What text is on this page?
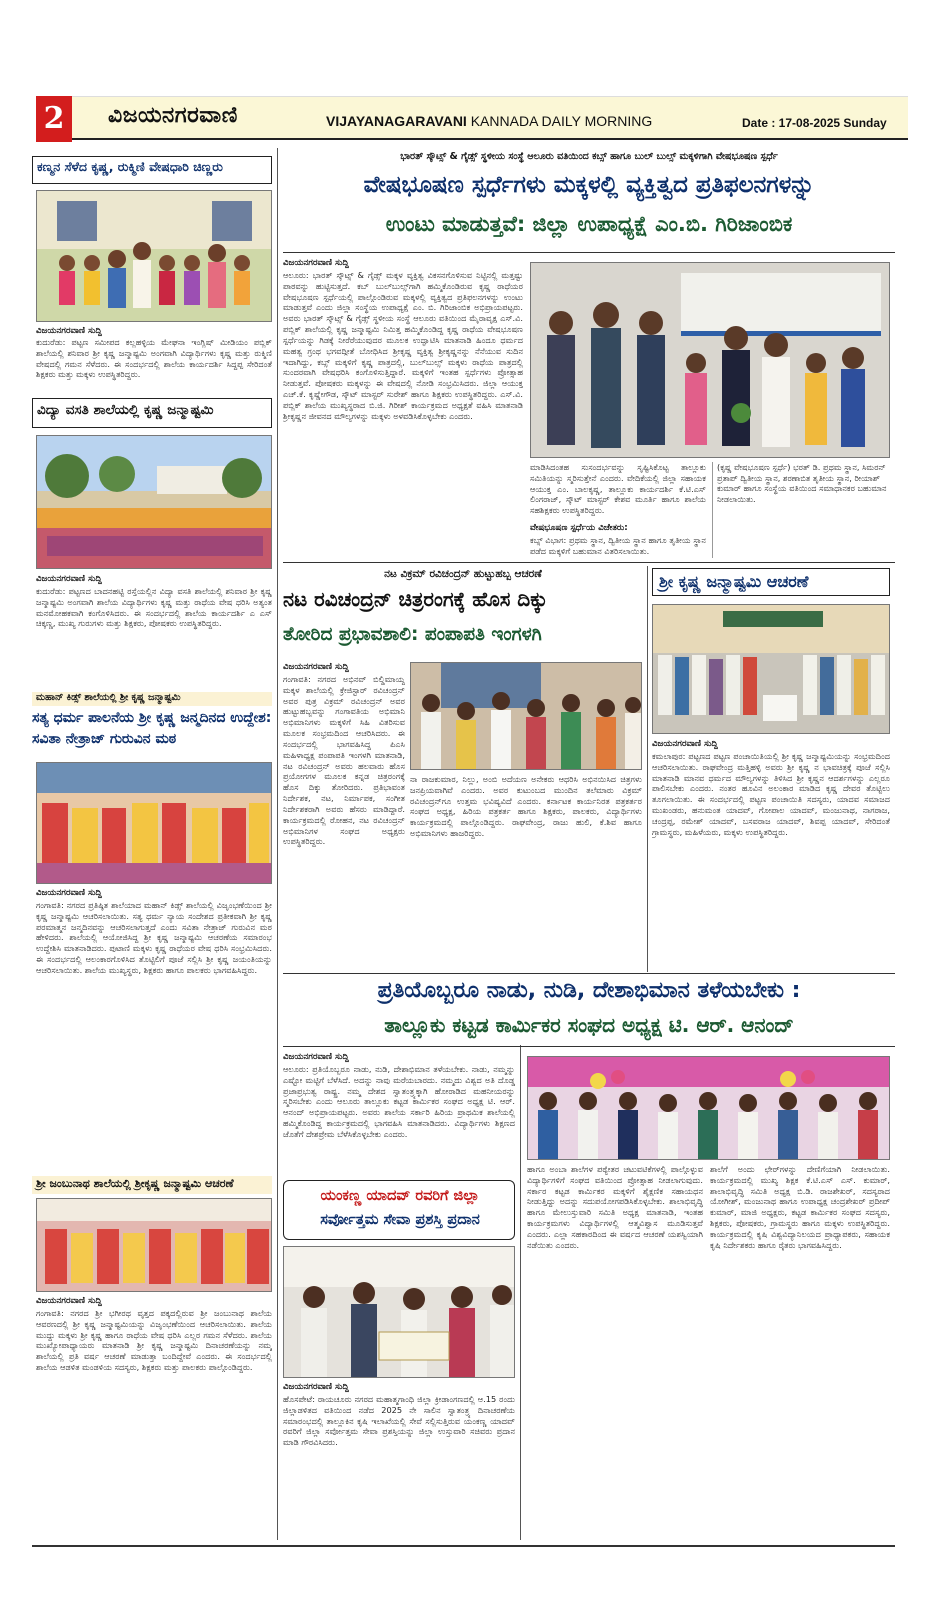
2	ವಿಜಯನಗರವಾಣಿ	VIJAYANAGARAVANI KANNADA DAILY MORNING	Date : 17-08-2025 Sunday
ಕಣ್ಮನ ಸೆಳೆದ ಕೃಷ್ಣ, ರುಕ್ಮಿಣಿ ವೇಷಧಾರಿ ಚಿಣ್ಣರು
ವಿಜಯನಗರವಾಣಿ ಸುದ್ದಿ
ಕುದುರೆಡು: ಪಟ್ಟಣ ಸಮೀಪದ ಕಲ್ಲಹಳ್ಳಿಯ ಮೇಘನಾ ಇಂಗ್ಲಿಷ್ ಮೀಡಿಯಂ ಪಬ್ಲಿಕ್ ಶಾಲೆಯಲ್ಲಿ ಶನಿವಾರ ಶ್ರೀ ಕೃಷ್ಣ ಜನ್ಮಾಷ್ಟಮಿ ಅಂಗವಾಗಿ ವಿದ್ಯಾರ್ಥಿಗಳು ಕೃಷ್ಣ ಮತ್ತು ರುಕ್ಮಿಣಿ ವೇಷದಲ್ಲಿ ಗಮನ ಸೆಳೆದರು. ಈ ಸಂದರ್ಭದಲ್ಲಿ ಶಾಲೆಯ ಕಾರ್ಯದರ್ಶಿ ಸಿದ್ದಪ್ಪ ಸೇರಿದಂತೆ ಶಿಕ್ಷಕರು ಮತ್ತು ಮಕ್ಕಳು ಉಪಸ್ಥಿತರಿದ್ದರು.
ವಿದ್ಯಾ ವಸತಿ ಶಾಲೆಯಲ್ಲಿ ಕೃಷ್ಣ ಜನ್ಮಾಷ್ಟಮಿ
ವಿಜಯನಗರವಾಣಿ ಸುದ್ದಿ
ಕುದುರೆಡು: ಪಟ್ಟಣದ ಬಾದನಹಟ್ಟಿ ರಸ್ತೆಯಲ್ಲಿನ ವಿದ್ಯಾ ವಸತಿ ಶಾಲೆಯಲ್ಲಿ ಶನಿವಾರ ಶ್ರೀ ಕೃಷ್ಣ ಜನ್ಮಾಷ್ಟಮಿ ಅಂಗವಾಗಿ ಶಾಲೆಯ ವಿದ್ಯಾರ್ಥಿಗಳು ಕೃಷ್ಣ ಮತ್ತು ರಾಧೆಯ ವೇಷ ಧರಿಸಿ ಅತ್ಯಂತ ಮನಮೋಹಕವಾಗಿ ಕಂಗೊಳಿಸಿದರು. ಈ ಸಂದರ್ಭದಲ್ಲಿ ಶಾಲೆಯ ಕಾರ್ಯದರ್ಶಿ ಎ ಎಸ್ ಚಿಕ್ಕಣ್ಣ, ಮುಖ್ಯ ಗುರುಗಳು ಮತ್ತು ಶಿಕ್ಷಕರು, ಪೋಷಕರು ಉಪಸ್ಥಿತರಿದ್ದರು.
ಮಹಾನ್ ಕಿಡ್ಸ್ ಶಾಲೆಯಲ್ಲಿ ಶ್ರೀ ಕೃಷ್ಣ ಜನ್ಮಾಷ್ಟಮಿ
ಸತ್ಯ ಧರ್ಮ ಪಾಲನೆಯ ಶ್ರೀ ಕೃಷ್ಣ ಜನ್ಮದಿನದ ಉದ್ದೇಶ: ಸವಿತಾ ನೇತ್ರಾಜ್ ಗುರುವಿನ ಮಠ
ವಿಜಯನಗರವಾಣಿ ಸುದ್ದಿ
ಗಂಗಾವತಿ: ನಗರದ ಪ್ರತಿಷ್ಠಿತ ಶಾಲೆಯಾದ ಮಹಾನ್ ಕಿಡ್ಸ್ ಶಾಲೆಯಲ್ಲಿ ವಿಜೃಂಭಣೆಯಿಂದ ಶ್ರೀ ಕೃಷ್ಣ ಜನ್ಮಾಷ್ಟಮಿ ಆಚರಿಸಲಾಯಿತು. ಸತ್ಯ ಧರ್ಮ ನ್ಯಾಯ ಸಂದೇಶದ ಪ್ರತೀಕವಾಗಿ ಶ್ರೀ ಕೃಷ್ಣ ಪರಮಾತ್ಮನ ಜನ್ಮದಿನವನ್ನು ಆಚರಿಸಲಾಗುತ್ತದೆ ಎಂದು ಸವಿತಾ ನೇತ್ರಾಜ್ ಗುರುವಿನ ಮಠ ಹೇಳಿದರು. ಶಾಲೆಯಲ್ಲಿ ಆಯೋಜಿಸಿದ್ದ ಶ್ರೀ ಕೃಷ್ಣ ಜನ್ಮಾಷ್ಟಮಿ ಆಚರಣೆಯ ಸಮಾರಂಭ ಉದ್ದೇಶಿಸಿ ಮಾತನಾಡಿದರು. ಪುಟಾಣಿ ಮಕ್ಕಳು ಕೃಷ್ಣ ರಾಧೆಯರ ವೇಷ ಧರಿಸಿ ಸಂಭ್ರಮಿಸಿದರು. ಈ ಸಂದರ್ಭದಲ್ಲಿ ಆಲಂಕಾರಗೊಳಿಸಿದ ತೊಟ್ಟಿಲಿಗೆ ಪೂಜೆ ಸಲ್ಲಿಸಿ ಶ್ರೀ ಕೃಷ್ಣ ಜಯಂತಿಯನ್ನು ಆಚರಿಸಲಾಯಿತು. ಶಾಲೆಯ ಮುಖ್ಯಸ್ಥರು, ಶಿಕ್ಷಕರು ಹಾಗೂ ಪಾಲಕರು ಭಾಗವಹಿಸಿದ್ದರು.
ಶ್ರೀ ಜಂಬುನಾಥ ಶಾಲೆಯಲ್ಲಿ ಶ್ರೀಕೃಷ್ಣ ಜನ್ಮಾಷ್ಟಮಿ ಆಚರಣೆ
ವಿಜಯನಗರವಾಣಿ ಸುದ್ದಿ
ಗಂಗಾವತಿ: ನಗರದ ಶ್ರೀ ಭಗೀರಥ ವೃತ್ತದ ಪಕ್ಕದಲ್ಲಿರುವ ಶ್ರೀ ಜಂಬುನಾಥ ಶಾಲೆಯ ಆವರಣದಲ್ಲಿ ಶ್ರೀ ಕೃಷ್ಣ ಜನ್ಮಾಷ್ಟಮಿಯನ್ನು ವಿಜೃಂಭಣೆಯಿಂದ ಆಚರಿಸಲಾಯಿತು. ಶಾಲೆಯ ಮುದ್ದು ಮಕ್ಕಳು ಶ್ರೀ ಕೃಷ್ಣ ಹಾಗೂ ರಾಧೆಯ ವೇಷ ಧರಿಸಿ ಎಲ್ಲರ ಗಮನ ಸೆಳೆದರು. ಶಾಲೆಯ ಮುಖ್ಯೋಪಾಧ್ಯಾಯರು ಮಾತನಾಡಿ ಶ್ರೀ ಕೃಷ್ಣ ಜನ್ಮಾಷ್ಟಮಿ ದಿನಾಚರಣೆಯನ್ನು ನಮ್ಮ ಶಾಲೆಯಲ್ಲಿ ಪ್ರತಿ ವರ್ಷ ಆಚರಣೆ ಮಾಡುತ್ತಾ ಬಂದಿದ್ದೇವೆ ಎಂದರು. ಈ ಸಂದರ್ಭದಲ್ಲಿ ಶಾಲೆಯ ಆಡಳಿತ ಮಂಡಳಿಯ ಸದಸ್ಯರು, ಶಿಕ್ಷಕರು ಮತ್ತು ಪಾಲಕರು ಪಾಲ್ಗೊಂಡಿದ್ದರು.
ಭಾರತ್ ಸ್ಕೌಟ್ಸ್ & ಗೈಡ್ಸ್ ಸ್ಥಳೀಯ ಸಂಸ್ಥೆ ಆಲೂರು ವತಿಯಿಂದ ಕಬ್ಸ್ ಹಾಗೂ ಬುಲ್ ಬುಲ್ಸ್ ಮಕ್ಕಳಿಗಾಗಿ ವೇಷಭೂಷಣ ಸ್ಪರ್ಧೆ
ವೇಷಭೂಷಣ ಸ್ಪರ್ಧೆಗಳು ಮಕ್ಕಳಲ್ಲಿ ವ್ಯಕ್ತಿತ್ವದ ಪ್ರತಿಫಲನಗಳನ್ನು
ಉಂಟು ಮಾಡುತ್ತವೆ: ಜಿಲ್ಲಾ ಉಪಾಧ್ಯಕ್ಷೆ ಎಂ.ಬಿ. ಗಿರಿಜಾಂಬಿಕ
ವಿಜಯನಗರವಾಣಿ ಸುದ್ದಿ
ಆಲೂರು: ಭಾರತ್ ಸ್ಕೌಟ್ಸ್ & ಗೈಡ್ಸ್ ಮಕ್ಕಳ ವ್ಯಕ್ತಿತ್ವ ವಿಕಸನಗೊಳಿಸುವ ನಿಟ್ಟಿನಲ್ಲಿ ಮತ್ತಷ್ಟು ಪಾಠವನ್ನು ಹುಟ್ಟಿಸುತ್ತದೆ. ಕಬ್ ಬುಲ್‌ಬುಲ್ಸ್‌ಗಾಗಿ ಹಮ್ಮಿಕೊಂಡಿರುವ ಕೃಷ್ಣ ರಾಧೆಯರ ವೇಷಭೂಷಣ ಸ್ಪರ್ಧೆಯಲ್ಲಿ ಪಾಲ್ಗೊಂಡಿರುವ ಮಕ್ಕಳಲ್ಲಿ ವ್ಯಕ್ತಿತ್ವದ ಪ್ರತಿಫಲನಗಳನ್ನು ಉಂಟು ಮಾಡುತ್ತವೆ ಎಂದು ಜಿಲ್ಲಾ ಸಂಸ್ಥೆಯ ಉಪಾಧ್ಯಕ್ಷೆ ಎಂ. ಬಿ. ಗಿರಿಜಾಂಬಿಕ ಅಭಿಪ್ರಾಯಪಟ್ಟರು. ಅವರು ಭಾರತ್ ಸ್ಕೌಟ್ಸ್ & ಗೈಡ್ಸ್ ಸ್ಥಳೀಯ ಸಂಸ್ಥೆ ಆಲೂರು ವತಿಯಿಂದ ಮೈರಾವೃಕ್ಷ ಎಸ್.ವಿ. ಪಬ್ಲಿಕ್ ಶಾಲೆಯಲ್ಲಿ ಕೃಷ್ಣ ಜನ್ಮಾಷ್ಟಮಿ ನಿಮಿತ್ತ ಹಮ್ಮಿಕೊಂಡಿದ್ದ ಕೃಷ್ಣ ರಾಧೆಯ ವೇಷಭೂಷಣ ಸ್ಪರ್ಧೆಯನ್ನು ಗಿಡಕ್ಕೆ ನೀರೆರೆಯುವುದರ ಮೂಲಕ ಉದ್ಘಾಟಿಸಿ ಮಾತನಾಡಿ ಹಿಂದೂ ಧರ್ಮದ ಮಹತ್ವ ಗ್ರಂಥ ಭಗವದ್ಗೀತೆ ಬೋಧಿಸಿದ ಶ್ರೀಕೃಷ್ಣ ವ್ಯಕ್ತಿತ್ವ ಶ್ರೀಕೃಷ್ಣನನ್ನು ನೆನೆಯುವ ಸುದಿನ ಇದಾಗಿದ್ದು, ಕಬ್ಸ್ ಮಕ್ಕಳಿಗೆ ಕೃಷ್ಣ ಪಾತ್ರದಲ್ಲಿ, ಬುಲ್‌ಬುಲ್ಸ್ ಮಕ್ಕಳು ರಾಧೆಯ ಪಾತ್ರದಲ್ಲಿ ಸುಂದರವಾಗಿ ವೇಷಧರಿಸಿ ಕಂಗೊಳಿಸುತ್ತಿದ್ದಾರೆ. ಮಕ್ಕಳಿಗೆ ಇಂತಹ ಸ್ಪರ್ಧೆಗಳು ಪ್ರೋತ್ಸಾಹ ನೀಡುತ್ತವೆ. ಪೋಷಕರು ಮಕ್ಕಳನ್ನು ಈ ವೇಷದಲ್ಲಿ ನೋಡಿ ಸಂಭ್ರಮಿಸಿದರು. ಜಿಲ್ಲಾ ಆಯುಕ್ತ ಎಚ್.ಕೆ. ಕೃಷ್ಣೇಗೌಡ, ಸ್ಕೌಟ್ ಮಾಸ್ಟರ್ ಸುರೇಶ್ ಹಾಗೂ ಶಿಕ್ಷಕರು ಉಪಸ್ಥಿತರಿದ್ದರು. ಎಸ್.ವಿ. ಪಬ್ಲಿಕ್ ಶಾಲೆಯ ಮುಖ್ಯಸ್ಥರಾದ ಬಿ.ಜಿ. ಗಿರೀಶ್ ಕಾರ್ಯಕ್ರಮದ ಅಧ್ಯಕ್ಷತೆ ವಹಿಸಿ ಮಾತನಾಡಿ ಶ್ರೀಕೃಷ್ಣನ ಜೀವನದ ಮೌಲ್ಯಗಳನ್ನು ಮಕ್ಕಳು ಅಳವಡಿಸಿಕೊಳ್ಳಬೇಕು ಎಂದರು.
ಮಾಡಿಸಿದಂತಹ ಸುಸಂದರ್ಭವನ್ನು ಸೃಷ್ಟಿಸಿಕೊಟ್ಟ ತಾಲ್ಲೂಕು ಸಮಿತಿಯನ್ನು ಸ್ಮರಿಸುತ್ತೇನೆ ಎಂದರು. ವೇದಿಕೆಯಲ್ಲಿ ಜಿಲ್ಲಾ ಸಹಾಯಕ ಆಯುಕ್ತ ಎಂ. ಬಾಲಕೃಷ್ಣ, ತಾಲ್ಲೂಕು ಕಾರ್ಯದರ್ಶಿ ಕೆ.ಟಿ.ಎಸ್ ಲಿಂಗರಾಜ್, ಸ್ಕೌಟ್ ಮಾಸ್ಟರ್ ಕೇಶವ ಮೂರ್ತಿ ಹಾಗೂ ಶಾಲೆಯ ಸಹಶಿಕ್ಷಕರು ಉಪಸ್ಥಿತರಿದ್ದರು.
(ಕೃಷ್ಣ ವೇಷಭೂಷಣ ಸ್ಪರ್ಧೆ) ಭರತ್ ಡಿ. ಪ್ರಥಮ ಸ್ಥಾನ, ಸಿಮರನ್ ಪ್ರತಾಪ್ ದ್ವಿತೀಯ ಸ್ಥಾನ, ಶರಣಾಬಿತ ತೃತೀಯ ಸ್ಥಾನ, ರೀಯಾಶ್ ಕುಮಾರ್ ಹಾಗೂ ಸಂಸ್ಥೆಯ ವತಿಯಿಂದ ಸಮಾಧಾನಕರ ಬಹುಮಾನ ನೀಡಲಾಯಿತು.
ವೇಷಭೂಷಣ ಸ್ಪರ್ಧೆಯ ವಿಜೇತರು:
ಕಬ್ಸ್ ವಿಭಾಗ: ಪ್ರಥಮ ಸ್ಥಾನ, ದ್ವಿತೀಯ ಸ್ಥಾನ ಹಾಗೂ ತೃತೀಯ ಸ್ಥಾನ ಪಡೆದ ಮಕ್ಕಳಿಗೆ ಬಹುಮಾನ ವಿತರಿಸಲಾಯಿತು.
ನಟ ವಿಕ್ರಮ್ ರವಿಚಂದ್ರನ್ ಹುಟ್ಟುಹಬ್ಬ ಆಚರಣೆ
ನಟ ರವಿಚಂದ್ರನ್ ಚಿತ್ರರಂಗಕ್ಕೆ ಹೊಸ ದಿಕ್ಕು
ತೋರಿದ ಪ್ರಭಾವಶಾಲಿ: ಪಂಪಾಪತಿ ಇಂಗಳಗಿ
ವಿಜಯನಗರವಾಣಿ ಸುದ್ದಿ
ಗಂಗಾವತಿ: ನಗರದ ಅಭಿನವ್ ಬಿಲ್ಡಿಮಾಯ್ದ ಮಕ್ಕಳ ಶಾಲೆಯಲ್ಲಿ ಕ್ರೇಜಿಸ್ಟಾರ್ ರವಿಚಂದ್ರನ್ ಅವರ ಪುತ್ರ ವಿಕ್ರಮ್ ರವಿಚಂದ್ರನ್ ಅವರ ಹುಟ್ಟುಹಬ್ಬವನ್ನು ಗಂಗಾವತಿಯ ಅಭಿಮಾನಿ ಅಭಿಮಾನಿಗಳು ಮಕ್ಕಳಿಗೆ ಸಿಹಿ ವಿತರಿಸುವ ಮೂಲಕ ಸಂಭ್ರಮದಿಂದ ಆಚರಿಸಿದರು. ಈ ಸಂದರ್ಭದಲ್ಲಿ ಭಾಗವಹಿಸಿದ್ದ ಪಿಎಸಿ ಮಹಿಳಾಧ್ಯಕ್ಷ ಪಂಪಾಪತಿ ಇಂಗಳಗಿ ಮಾತನಾಡಿ, ನಟ ರವಿಚಂದ್ರನ್ ಅವರು ಹಲವಾರು ಹೊಸ ಪ್ರಯೋಗಗಳ ಮೂಲಕ ಕನ್ನಡ ಚಿತ್ರರಂಗಕ್ಕೆ ಹೊಸ ದಿಕ್ಕು ತೋರಿದರು. ಪ್ರತಿಭಾವಂತ ನಿರ್ದೇಶಕ, ನಟ, ನಿರ್ಮಾಪಕ, ಸಂಗೀತ ನಿರ್ದೇಶಕರಾಗಿ ಅವರು ಹೆಸರು ಮಾಡಿದ್ದಾರೆ. ಕಾರ್ಯಕ್ರಮದಲ್ಲಿ ರೋಹನ, ನಟ ರವಿಚಂದ್ರನ್ ಅಭಿಮಾನಿಗಳ ಸಂಘದ ಅಧ್ಯಕ್ಷರು ಉಪಸ್ಥಿತರಿದ್ದರು.
ನಾ ರಾಜಕುಮಾರ, ನಿಲ್ಲು, ಅಂಬಿ ಅದೆಯಣ ಅನೇಕರು ಆಧರಿಸಿ ಅಭಿನಯಿಸಿದ ಚಿತ್ರಗಳು ಜನಪ್ರಿಯವಾಗಿವೆ ಎಂದರು. ಅವರ ಕುಟುಂಬದ ಮುಂದಿನ ತಲೆಮಾರು ವಿಕ್ರಮ್ ರವಿಚಂದ್ರನ್‌ಗೂ ಉತ್ತಮ ಭವಿಷ್ಯವಿದೆ ಎಂದರು. ಕರ್ನಾಟಕ ಕಾರ್ಯನಿರತ ಪತ್ರಕರ್ತರ ಸಂಘದ ಅಧ್ಯಕ್ಷ, ಹಿರಿಯ ಪತ್ರಕರ್ತ ಹಾಗೂ ಶಿಕ್ಷಕರು, ಪಾಲಕರು, ವಿದ್ಯಾರ್ಥಿಗಳು ಕಾರ್ಯಕ್ರಮದಲ್ಲಿ ಪಾಲ್ಗೊಂಡಿದ್ದರು. ರಾಘವೇಂದ್ರ, ರಾಜು ಹುಲಿ, ಕೆ.ಶಿವ ಹಾಗೂ ಅಭಿಮಾನಿಗಳು ಹಾಜರಿದ್ದರು.
ಶ್ರೀ ಕೃಷ್ಣ ಜನ್ಮಾಷ್ಟಮಿ ಆಚರಣೆ
ವಿಜಯನಗರವಾಣಿ ಸುದ್ದಿ
ಕಮಲಾಪುರ: ಪಟ್ಟಣದ ಪಟ್ಟಣ ಪಂಚಾಯಿತಿಯಲ್ಲಿ ಶ್ರೀ ಕೃಷ್ಣ ಜನ್ಮಾಷ್ಟಮಿಯನ್ನು ಸಂಭ್ರಮದಿಂದ ಆಚರಿಸಲಾಯಿತು. ರಾಘವೇಂದ್ರ ಮತ್ತಿಹಳ್ಳಿ ಅವರು ಶ್ರೀ ಕೃಷ್ಣ ನ ಭಾವಚಿತ್ರಕ್ಕೆ ಪೂಜೆ ಸಲ್ಲಿಸಿ ಮಾತನಾಡಿ ಮಾನವ ಧರ್ಮದ ಮೌಲ್ಯಗಳನ್ನು ತಿಳಿಸಿದ ಶ್ರೀ ಕೃಷ್ಣನ ಆದರ್ಶಗಳನ್ನು ಎಲ್ಲರೂ ಪಾಲಿಸಬೇಕು ಎಂದರು. ನಂತರ ಹೂವಿನ ಅಲಂಕಾರ ಮಾಡಿದ ಕೃಷ್ಣ ದೇವರ ತೊಟ್ಟಿಲು ತೂಗಲಾಯಿತು. ಈ ಸಂದರ್ಭದಲ್ಲಿ ಪಟ್ಟಣ ಪಂಚಾಯಿತಿ ಸದಸ್ಯರು, ಯಾದವ ಸಮಾಜದ ಮುಖಂಡರು, ಹನುಮಂತ ಯಾದವ್, ಗೋಪಾಲ ಯಾದವ್, ಮಂಜುನಾಥ, ನಾಗರಾಜ, ಚಂದ್ರಪ್ಪ, ರಮೇಶ್ ಯಾದವ್, ಬಸವರಾಜ ಯಾದವ್, ಶಿವಪ್ಪ ಯಾದವ್, ಸೇರಿದಂತೆ ಗ್ರಾಮಸ್ಥರು, ಮಹಿಳೆಯರು, ಮಕ್ಕಳು ಉಪಸ್ಥಿತರಿದ್ದರು.
ಪ್ರತಿಯೊಬ್ಬರೂ ನಾಡು, ನುಡಿ, ದೇಶಾಭಿಮಾನ ತಳೆಯಬೇಕು :
ತಾಲ್ಲೂಕು ಕಟ್ಟಡ ಕಾರ್ಮಿಕರ ಸಂಘದ ಅಧ್ಯಕ್ಷ ಟಿ. ಆರ್. ಆನಂದ್
ವಿಜಯನಗರವಾಣಿ ಸುದ್ದಿ
ಆಲೂರು: ಪ್ರತಿಯೊಬ್ಬರೂ ನಾಡು, ನುಡಿ, ದೇಶಾಭಿಮಾನ ತಳೆಯಬೇಕು. ನಾಡು, ನಮ್ಮನ್ನು ಎಷ್ಟೋ ಮಟ್ಟಿಗೆ ಬೆಳೆಸಿದೆ. ಅದನ್ನು ನಾವು ಮರೆಯಬಾರದು. ನಮ್ಮದು ವಿಶ್ವದ ಅತಿ ದೊಡ್ಡ ಪ್ರಜಾಪ್ರಭುತ್ವ ರಾಷ್ಟ್ರ. ನಮ್ಮ ದೇಶದ ಸ್ವಾತಂತ್ರ್ಯಕ್ಕಾಗಿ ಹೋರಾಡಿದ ಮಹನೀಯರನ್ನು ಸ್ಮರಿಸಬೇಕು ಎಂದು ಆಲೂರು ತಾಲ್ಲೂಕು ಕಟ್ಟಡ ಕಾರ್ಮಿಕರ ಸಂಘದ ಅಧ್ಯಕ್ಷ ಟಿ. ಆರ್. ಆನಂದ್ ಅಭಿಪ್ರಾಯಪಟ್ಟರು. ಅವರು ಶಾಲೆಯ ಸರ್ಕಾರಿ ಹಿರಿಯ ಪ್ರಾಥಮಿಕ ಶಾಲೆಯಲ್ಲಿ ಹಮ್ಮಿಕೊಂಡಿದ್ದ ಕಾರ್ಯಕ್ರಮದಲ್ಲಿ ಭಾಗವಹಿಸಿ ಮಾತನಾಡಿದರು. ವಿದ್ಯಾರ್ಥಿಗಳು ಶಿಕ್ಷಣದ ಜೊತೆಗೆ ದೇಶಪ್ರೇಮ ಬೆಳೆಸಿಕೊಳ್ಳಬೇಕು ಎಂದರು.
ಹಾಗೂ ಅಂಬಾ ಶಾಲೆಗಳ ಪಠ್ಯೇತರ ಚಟುವಟಿಕೆಗಳಲ್ಲಿ ಪಾಲ್ಗೊಳ್ಳುವ ವಿದ್ಯಾರ್ಥಿಗಳಿಗೆ ಸಂಘದ ವತಿಯಿಂದ ಪ್ರೋತ್ಸಾಹ ನೀಡಲಾಗುವುದು. ಸರ್ಕಾರ ಕಟ್ಟಡ ಕಾರ್ಮಿಕರ ಮಕ್ಕಳಿಗೆ ಶೈಕ್ಷಣಿಕ ಸಹಾಯಧನ ನೀಡುತ್ತಿದ್ದು ಅದನ್ನು ಸದುಪಯೋಗಪಡಿಸಿಕೊಳ್ಳಬೇಕು. ಶಾಲಾಭಿವೃದ್ಧಿ ಹಾಗೂ ಮೇಲುಸ್ತುವಾರಿ ಸಮಿತಿ ಅಧ್ಯಕ್ಷ ಮಾತನಾಡಿ, ಇಂತಹ ಕಾರ್ಯಕ್ರಮಗಳು ವಿದ್ಯಾರ್ಥಿಗಳಲ್ಲಿ ಆತ್ಮವಿಶ್ವಾಸ ಮೂಡಿಸುತ್ತವೆ ಎಂದರು. ಎಲ್ಲಾ ಸಹಕಾರದಿಂದ ಈ ವರ್ಷದ ಆಚರಣೆ ಯಶಸ್ವಿಯಾಗಿ ನಡೆಯಿತು ಎಂದರು.
ಶಾಲೆಗೆ ಅಂದು ಛೇರ್‌ಗಳನ್ನು ದೇಣಿಗೆಯಾಗಿ ನೀಡಲಾಯಿತು. ಕಾರ್ಯಕ್ರಮದಲ್ಲಿ ಮುಖ್ಯ ಶಿಕ್ಷಕ ಕೆ.ಟಿ.ಎಸ್ ಎಸ್. ಕುಮಾರ್, ಶಾಲಾಭಿವೃದ್ಧಿ ಸಮಿತಿ ಅಧ್ಯಕ್ಷ ಬಿ.ಡಿ. ರಾಜಶೇಖರ್, ಸದಸ್ಯರಾದ ಯೋಗೀಶ್, ಮಂಜುನಾಥ ಹಾಗೂ ಉಪಾಧ್ಯಕ್ಷ ಚಂದ್ರಶೇಖರ್ ಪ್ರದೀಪ್ ಕುಮಾರ್, ಮಾಜಿ ಅಧ್ಯಕ್ಷರು, ಕಟ್ಟಡ ಕಾರ್ಮಿಕರ ಸಂಘದ ಸದಸ್ಯರು, ಶಿಕ್ಷಕರು, ಪೋಷಕರು, ಗ್ರಾಮಸ್ಥರು ಹಾಗೂ ಮಕ್ಕಳು ಉಪಸ್ಥಿತರಿದ್ದರು. ಕಾರ್ಯಕ್ರಮದಲ್ಲಿ ಕೃಷಿ ವಿಶ್ವವಿದ್ಯಾನಿಲಯದ ಪ್ರಾಧ್ಯಾಪಕರು, ಸಹಾಯಕ ಕೃಷಿ ನಿರ್ದೇಶಕರು ಹಾಗೂ ರೈತರು ಭಾಗವಹಿಸಿದ್ದರು.
ಯಂಕಣ್ಣ ಯಾದವ್ ರವರಿಗೆ ಜಿಲ್ಲಾ
ಸರ್ವೋತ್ತಮ ಸೇವಾ ಪ್ರಶಸ್ತಿ ಪ್ರದಾನ
ವಿಜಯನಗರವಾಣಿ ಸುದ್ದಿ
ಹೊಸಪೇಟೆ: ರಾಯಚೂರು ನಗರದ ಮಹಾತ್ಮಗಾಂಧಿ ಜಿಲ್ಲಾ ಕ್ರೀಡಾಂಗಣದಲ್ಲಿ ಆ.15 ರಂದು ಜಿಲ್ಲಾಡಳಿತದ ವತಿಯಿಂದ ನಡೆದ 2025 ನೇ ಸಾಲಿನ ಸ್ವಾತಂತ್ರ್ಯ ದಿನಾಚರಣೆಯ ಸಮಾರಂಭದಲ್ಲಿ ತಾಲ್ಲೂಕಿನ ಕೃಷಿ ಇಲಾಖೆಯಲ್ಲಿ ಸೇವೆ ಸಲ್ಲಿಸುತ್ತಿರುವ ಯಂಕಣ್ಣ ಯಾದವ್ ರವರಿಗೆ ಜಿಲ್ಲಾ ಸರ್ವೋತ್ತಮ ಸೇವಾ ಪ್ರಶಸ್ತಿಯನ್ನು ಜಿಲ್ಲಾ ಉಸ್ತುವಾರಿ ಸಚಿವರು ಪ್ರದಾನ ಮಾಡಿ ಗೌರವಿಸಿದರು.
